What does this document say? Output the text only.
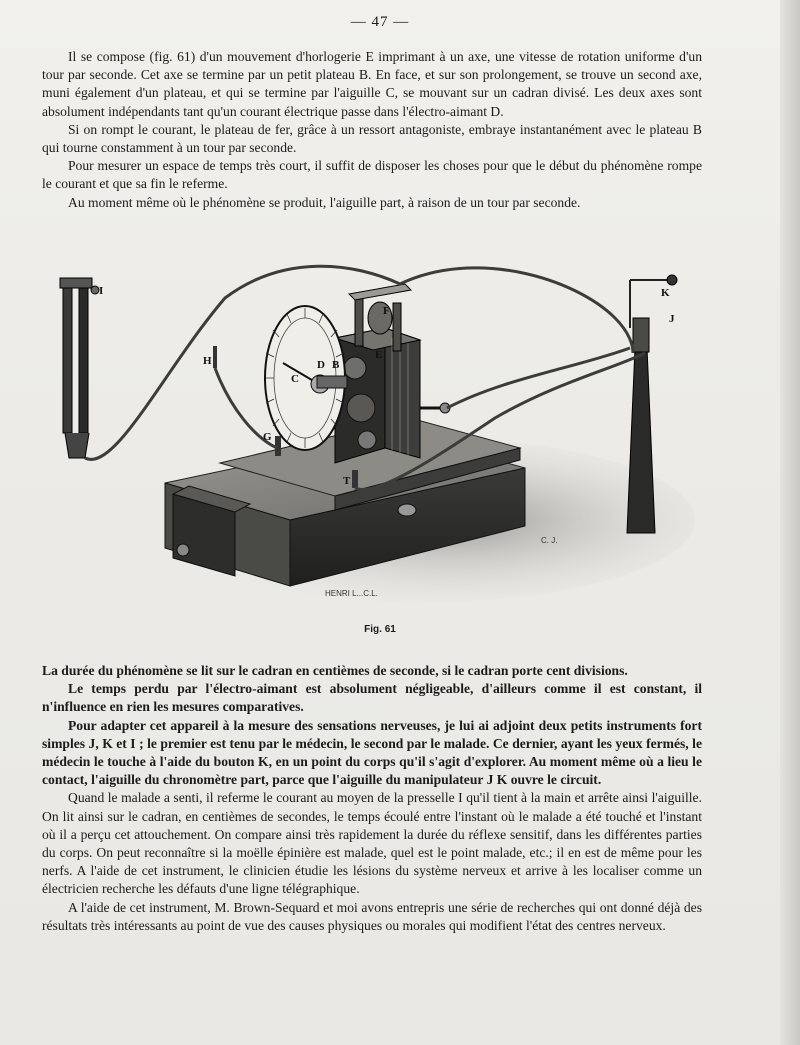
— 47 —

Il se compose (fig. 61) d'un mouvement d'horlogerie E imprimant à un axe, une vitesse de rotation uniforme d'un tour par seconde. Cet axe se termine par un petit plateau B. En face, et sur son prolongement, se trouve un second axe, muni également d'un plateau, et qui se termine par l'aiguille C, se mouvant sur un cadran divisé. Les deux axes sont absolument indépendants tant qu'un courant électrique passe dans l'électro-aimant D.

Si on rompt le courant, le plateau de fer, grâce à un ressort antagoniste, embraye instantanément avec le plateau B qui tourne constamment à un tour par seconde.

Pour mesurer un espace de temps très court, il suffit de disposer les choses pour que le début du phénomène rompe le courant et que sa fin le referme.

Au moment même où le phénomène se produit, l'aiguille part, à raison de un tour par seconde.

I
H
K
J
C
D B
E
G
T
F
HENRI L...C.L.
C. J.
Fig. 61

La durée du phénomène se lit sur le cadran en centièmes de seconde, si le cadran porte cent divisions.

Le temps perdu par l'électro-aimant est absolument négligeable, d'ailleurs comme il est constant, il n'influence en rien les mesures comparatives.

Pour adapter cet appareil à la mesure des sensations nerveuses, je lui ai adjoint deux petits instruments fort simples J, K et I ; le premier est tenu par le médecin, le second par le malade. Ce dernier, ayant les yeux fermés, le médecin le touche à l'aide du bouton K, en un point du corps qu'il s'agit d'explorer. Au moment même où a lieu le contact, l'aiguille du chronomètre part, parce que l'aiguille du manipulateur J K ouvre le circuit.

Quand le malade a senti, il referme le courant au moyen de la presselle I qu'il tient à la main et arrête ainsi l'aiguille. On lit ainsi sur le cadran, en centièmes de secondes, le temps écoulé entre l'instant où le malade a été touché et l'instant où il a perçu cet attouchement. On compare ainsi très rapidement la durée du réflexe sensitif, dans les différentes parties du corps. On peut reconnaître si la moëlle épinière est malade, quel est le point malade, etc.; il en est de même pour les nerfs. A l'aide de cet instrument, le clinicien étudie les lésions du système nerveux et arrive à les localiser comme un électricien recherche les défauts d'une ligne télégraphique.

A l'aide de cet instrument, M. Brown-Sequard et moi avons entrepris une série de recherches qui ont donné déjà des résultats très intéressants au point de vue des causes physiques ou morales qui modifient l'état des centres nerveux.
